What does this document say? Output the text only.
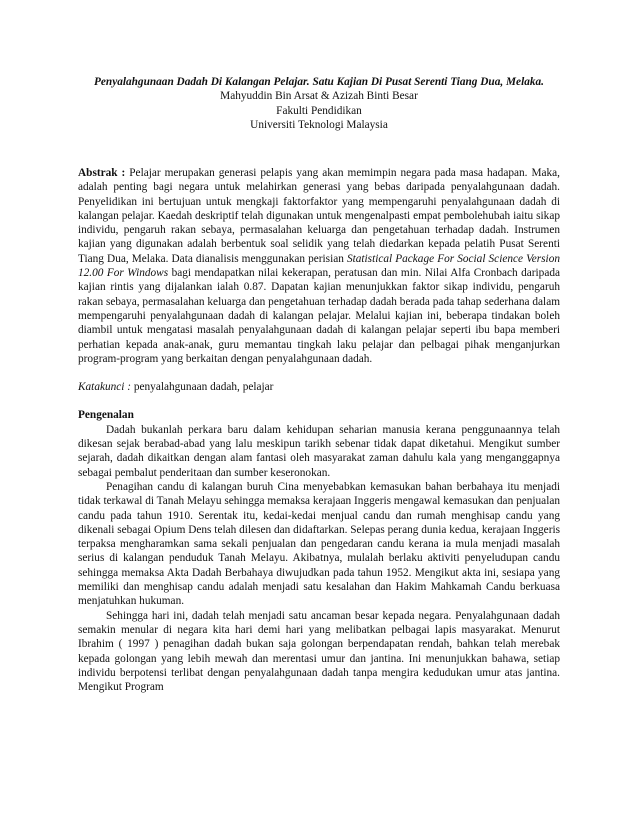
Penyalahgunaan Dadah Di Kalangan Pelajar. Satu Kajian Di Pusat Serenti Tiang Dua, Melaka.

Mahyuddin Bin Arsat & Azizah Binti Besar

Fakulti Pendidikan

Universiti Teknologi Malaysia

Abstrak : Pelajar merupakan generasi pelapis yang akan memimpin negara pada masa hadapan. Maka, adalah penting bagi negara untuk melahirkan generasi yang bebas daripada penyalahgunaan dadah. Penyelidikan ini bertujuan untuk mengkaji faktorfaktor yang mempengaruhi penyalahgunaan dadah di kalangan pelajar. Kaedah deskriptif telah digunakan untuk mengenalpasti empat pembolehubah iaitu sikap individu, pengaruh rakan sebaya, permasalahan keluarga dan pengetahuan terhadap dadah. Instrumen kajian yang digunakan adalah berbentuk soal selidik yang telah diedarkan kepada pelatih Pusat Serenti Tiang Dua, Melaka. Data dianalisis menggunakan perisian Statistical Package For Social Science Version 12.00 For Windows bagi mendapatkan nilai kekerapan, peratusan dan min. Nilai Alfa Cronbach daripada kajian rintis yang dijalankan ialah 0.87. Dapatan kajian menunjukkan faktor sikap individu, pengaruh rakan sebaya, permasalahan keluarga dan pengetahuan terhadap dadah berada pada tahap sederhana dalam mempengaruhi penyalahgunaan dadah di kalangan pelajar. Melalui kajian ini, beberapa tindakan boleh diambil untuk mengatasi masalah penyalahgunaan dadah di kalangan pelajar seperti ibu bapa memberi perhatian kepada anak-anak, guru memantau tingkah laku pelajar dan pelbagai pihak menganjurkan program-program yang berkaitan dengan penyalahgunaan dadah.

Katakunci : penyalahgunaan dadah, pelajar

Pengenalan

Dadah bukanlah perkara baru dalam kehidupan seharian manusia kerana penggunaannya telah dikesan sejak berabad-abad yang lalu meskipun tarikh sebenar tidak dapat diketahui. Mengikut sumber sejarah, dadah dikaitkan dengan alam fantasi oleh masyarakat zaman dahulu kala yang menganggapnya sebagai pembalut penderitaan dan sumber keseronokan.

Penagihan candu di kalangan buruh Cina menyebabkan kemasukan bahan berbahaya itu menjadi tidak terkawal di Tanah Melayu sehingga memaksa kerajaan Inggeris mengawal kemasukan dan penjualan candu pada tahun 1910. Serentak itu, kedai-kedai menjual candu dan rumah menghisap candu yang dikenali sebagai Opium Dens telah dilesen dan didaftarkan. Selepas perang dunia kedua, kerajaan Inggeris terpaksa mengharamkan sama sekali penjualan dan pengedaran candu kerana ia mula menjadi masalah serius di kalangan penduduk Tanah Melayu. Akibatnya, mulalah berlaku aktiviti penyeludupan candu sehingga memaksa Akta Dadah Berbahaya diwujudkan pada tahun 1952. Mengikut akta ini, sesiapa yang memiliki dan menghisap candu adalah menjadi satu kesalahan dan Hakim Mahkamah Candu berkuasa menjatuhkan hukuman.

Sehingga hari ini, dadah telah menjadi satu ancaman besar kepada negara. Penyalahgunaan dadah semakin menular di negara kita hari demi hari yang melibatkan pelbagai lapis masyarakat. Menurut Ibrahim ( 1997 ) penagihan dadah bukan saja golongan berpendapatan rendah, bahkan telah merebak kepada golongan yang lebih mewah dan merentasi umur dan jantina. Ini menunjukkan bahawa, setiap individu berpotensi terlibat dengan penyalahgunaan dadah tanpa mengira kedudukan umur atas jantina. Mengikut Program
